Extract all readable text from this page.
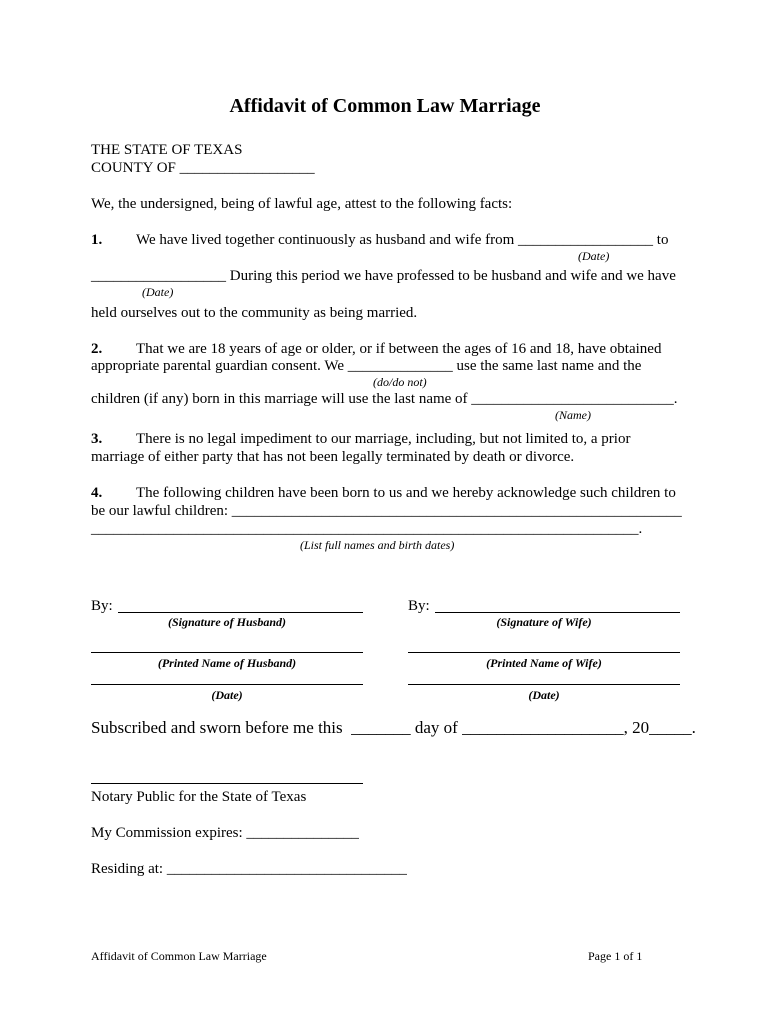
Affidavit of Common Law Marriage
THE STATE OF TEXAS
COUNTY OF __________________
We, the undersigned, being of lawful age, attest to the following facts:
1. We have lived together continuously as husband and wife from __________________ to
(Date)
__________________ During this period we have professed to be husband and wife and we have
(Date)
held ourselves out to the community as being married.
2. That we are 18 years of age or older, or if between the ages of 16 and 18, have obtained
appropriate parental guardian consent. We ______________ use the same last name and the
(do/do not)
children (if any) born in this marriage will use the last name of ___________________________.
(Name)
3. There is no legal impediment to our marriage, including, but not limited to, a prior
marriage of either party that has not been legally terminated by death or divorce.
4. The following children have been born to us and we hereby acknowledge such children to
be our lawful children: ____________________________________________________________
_________________________________________________________________________.
(List full names and birth dates)
By:
(Signature of Husband)
By:
(Signature of Wife)
(Printed Name of Husband)	(Printed Name of Wife)
(Date)	(Date)
Subscribed and sworn before me this  _______ day of ___________________, 20_____.
Notary Public for the State of Texas
My Commission expires: _______________
Residing at: ________________________________
Affidavit of Common Law Marriage	Page 1 of 1
